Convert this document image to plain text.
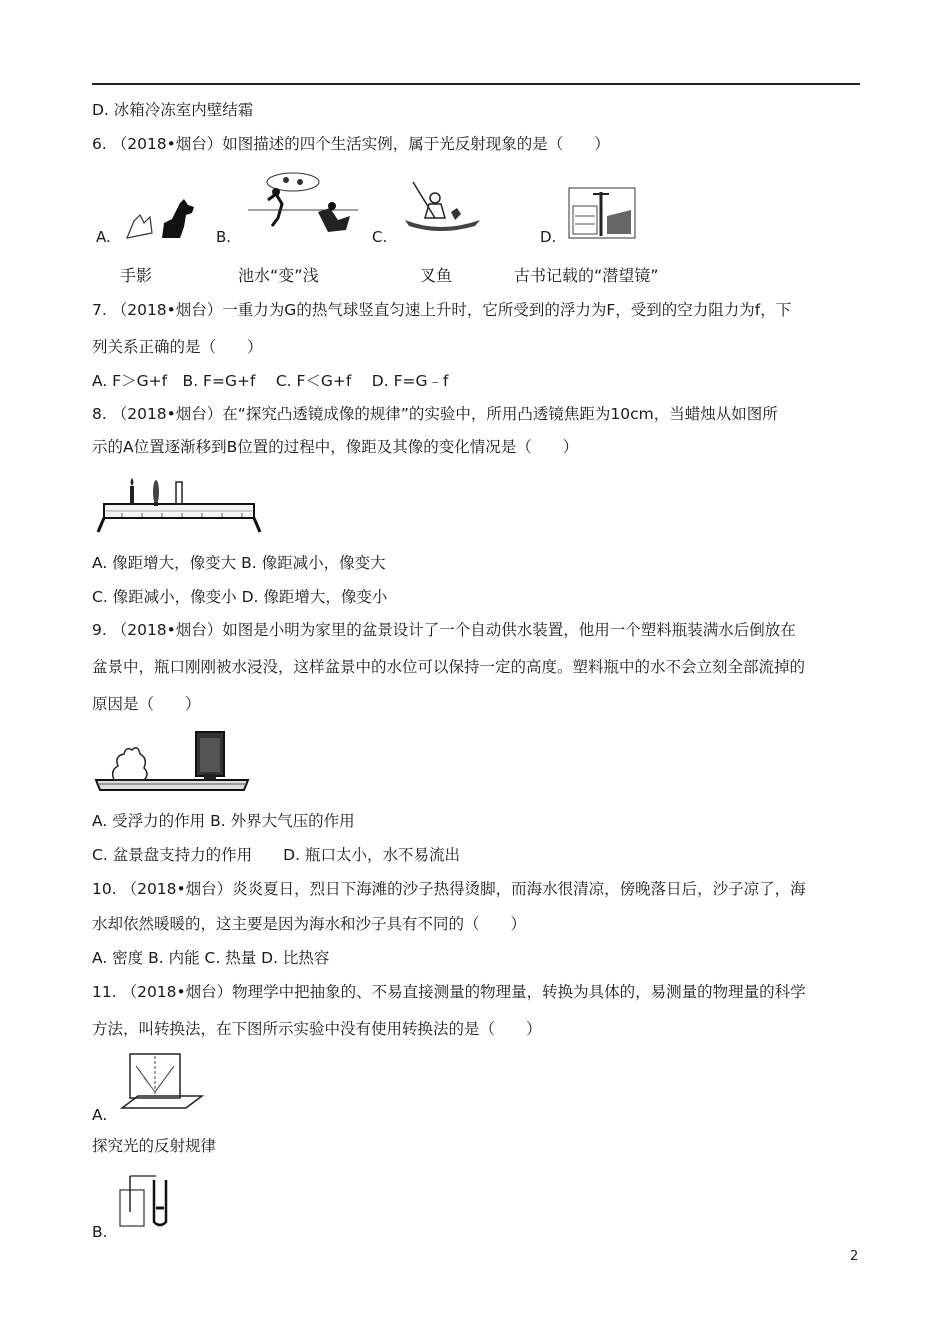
D. 冰箱冷冻室内壁结霜
6. （2018•烟台）如图描述的四个生活实例，属于光反射现象的是（　　）
A.	B.	C.	D.
手影	池水“变”浅	叉鱼	古书记载的“潜望镜”
7. （2018•烟台）一重力为G的热气球竖直匀速上升时，它所受到的浮力为F，受到的空力阻力为f，下
列关系正确的是（　　）
A. F＞G+f　B. F=G+f　 C. F＜G+f　 D. F=G﹣f
8. （2018•烟台）在“探究凸透镜成像的规律”的实验中，所用凸透镜焦距为10cm，当蜡烛从如图所
示的A位置逐渐移到B位置的过程中，像距及其像的变化情况是（　　）
A. 像距增大，像变大 B. 像距减小，像变大
C. 像距减小，像变小 D. 像距增大，像变小
9. （2018•烟台）如图是小明为家里的盆景设计了一个自动供水装置，他用一个塑料瓶装满水后倒放在
盆景中，瓶口刚刚被水浸没，这样盆景中的水位可以保持一定的高度。塑料瓶中的水不会立刻全部流掉的
原因是（　　）
A. 受浮力的作用 B. 外界大气压的作用
C. 盆景盘支持力的作用　　D. 瓶口太小，水不易流出
10. （2018•烟台）炎炎夏日，烈日下海滩的沙子热得烫脚，而海水很清凉，傍晚落日后，沙子凉了，海
水却依然暖暖的，这主要是因为海水和沙子具有不同的（　　）
A. 密度 B. 内能 C. 热量 D. 比热容
11. （2018•烟台）物理学中把抽象的、不易直接测量的物理量，转换为具体的，易测量的物理量的科学
方法，叫转换法，在下图所示实验中没有使用转换法的是（　　）
A.
探究光的反射规律
B.
2
